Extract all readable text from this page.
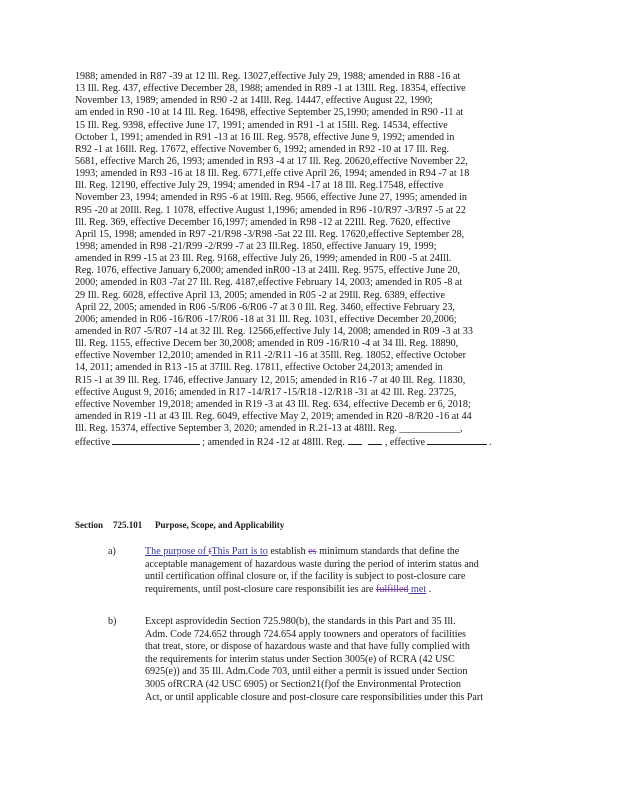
1988; amended in R87 -39 at 12 Ill. Reg. 13027,effective July 29, 1988; amended in R88 -16 at
13 Ill. Reg. 437, effective December 28, 1988; amended in R89 -1 at 13Ill. Reg. 18354, effective
November 13, 1989; amended in R90 -2 at 14Ill. Reg. 14447, effective August 22, 1990;
am ended in R90 -10 at 14 Ill. Reg. 16498, effective September 25,1990; amended in R90 -11 at
15 Ill. Reg. 9398, effective June 17, 1991; amended in R91 -1 at 15Ill. Reg. 14534, effective
October 1, 1991; amended in R91 -13 at 16 Ill. Reg. 9578, effective June 9, 1992; amended in
R92 -1 at 16Ill. Reg. 17672, effective November 6, 1992; amended in R92 -10 at 17 Ill. Reg.
5681, effective March 26, 1993; amended in R93 -4 at 17 Ill. Reg. 20620,effective November 22,
1993; amended in R93 -16 at 18 Ill. Reg. 6771,effe ctive April 26, 1994; amended in R94 -7 at 18
Ill. Reg. 12190, effective July 29, 1994; amended in R94 -17 at 18 Ill. Reg.17548, effective
November 23, 1994; amended in R95 -6 at 19Ill. Reg. 9566, effective June 27, 1995; amended in
R95 -20 at 20Ill. Reg. 1 1078, effective August 1,1996; amended in R96 -10/R97 -3/R97 -5 at 22
Ill. Reg. 369, effective December 16,1997; amended in R98 -12 at 22Ill. Reg. 7620, effective
April 15, 1998; amended in R97 -21/R98 -3/R98 -5at 22 Ill. Reg. 17620,effective September 28,
1998; amended in R98 -21/R99 -2/R99 -7 at 23 Ill.Reg. 1850, effective January 19, 1999;
amended in R99 -15 at 23 Ill. Reg. 9168, effective July 26, 1999; amended in R00 -5 at 24Ill.
Reg. 1076, effective January 6,2000; amended inR00 -13 at 24Ill. Reg. 9575, effective June 20,
2000; amended in R03 -7at 27 Ill. Reg. 4187,effective February 14, 2003; amended in R05 -8 at
29 Ill. Reg. 6028, effective April 13, 2005; amended in R05 -2 at 29Ill. Reg. 6389, effective
April 22, 2005; amended in R06 -5/R06 -6/R06 -7 at 3 0 Ill. Reg. 3460, effective February 23,
2006; amended in R06 -16/R06 -17/R06 -18 at 31 Ill. Reg. 1031, effective December 20,2006;
amended in R07 -5/R07 -14 at 32 Ill. Reg. 12566,effective July 14, 2008; amended in R09 -3 at 33
Ill. Reg. 1155, effective Decem ber 30,2008; amended in R09 -16/R10 -4 at 34 Ill. Reg. 18890,
effective November 12,2010; amended in R11 -2/R11 -16 at 35Ill. Reg. 18052, effective October
14, 2011; amended in R13 -15 at 37Ill. Reg. 17811, effective October 24,2013; amended in
R15 -1 at 39 Ill. Reg. 1746, effective January 12, 2015; amended in R16 -7 at 40 Ill. Reg. 11830,
effective August 9, 2016; amended in R17 -14/R17 -15/R18 -12/R18 -31 at 42 Ill. Reg. 23725,
effective November 19,2018; amended in R19 -3 at 43 Ill. Reg. 634, effective Decemb er 6, 2018;
amended in R19 -11 at 43 Ill. Reg. 6049, effective May 2, 2019; amended in R20 -8/R20 -16 at 44
Ill. Reg. 15374, effective September 3, 2020; amended in R.21-13 at 48Ill. Reg. ____________,
effective	; amended in R24 -12 at 48Ill. Reg.	, effective	.
Section 725.101 Purpose, Scope, and Applicability
a)	The purpose of tThis Part is to establish es minimum standards that define the
acceptable management of hazardous waste during the period of interim status and
until certification offinal closure or, if the facility is subject to post-closure care
requirements, until post-closure care responsibilit ies are fulfilled met .
b)	Except asprovidedin Section 725.980(b), the standards in this Part and 35 Ill.
Adm. Code 724.652 through 724.654 apply toowners and operators of facilities
that treat, store, or dispose of hazardous waste and that have fully complied with
the requirements for interim status under Section 3005(e) of RCRA (42 USC
6925(e)) and 35 Ill. Adm.Code 703, until either a permit is issued under Section
3005 ofRCRA (42 USC 6905) or Section21(f)of the Environmental Protection
Act, or until applicable closure and post-closure care responsibilities under this Part
